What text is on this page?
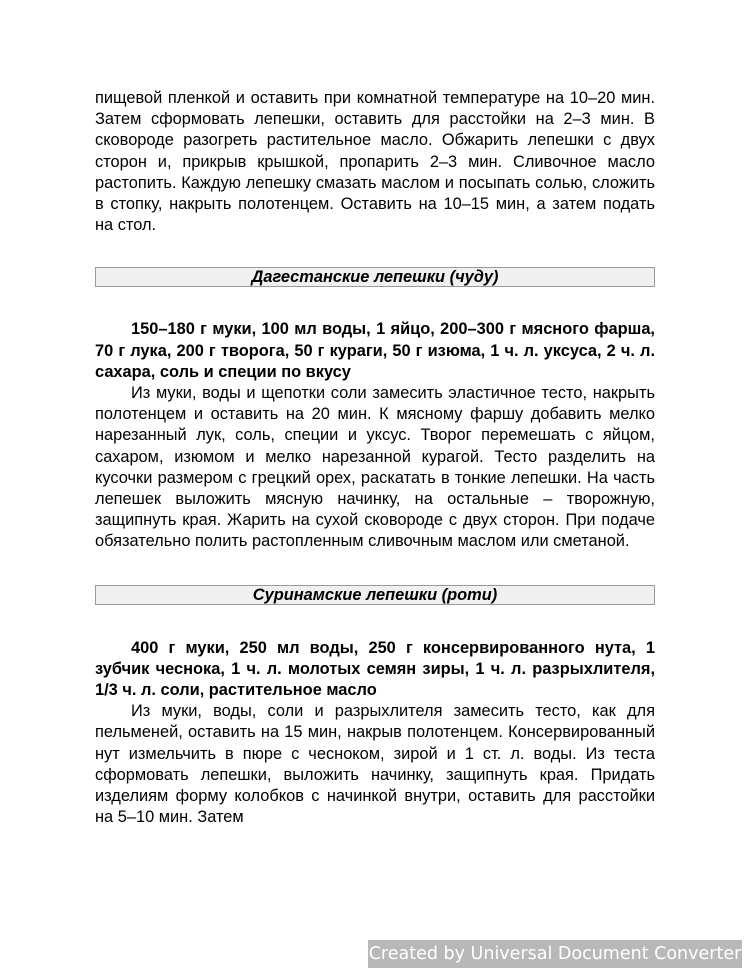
пищевой пленкой и оставить при комнатной температуре на 10–20 мин. Затем сформовать лепешки, оставить для расстойки на 2–3 мин. В сковороде разогреть растительное масло. Обжарить лепешки с двух сторон и, прикрыв крышкой, пропарить 2–3 мин. Сливочное масло растопить. Каждую лепешку смазать маслом и посыпать солью, сложить в стопку, накрыть полотенцем. Оставить на 10–15 мин, а затем подать на стол.

Дагестанские лепешки (чуду)

150–180 г муки, 100 мл воды, 1 яйцо, 200–300 г мясного фарша, 70 г лука, 200 г творога, 50 г кураги, 50 г изюма, 1 ч. л. уксуса, 2 ч. л. сахара, соль и специи по вкусу

Из муки, воды и щепотки соли замесить эластичное тесто, накрыть полотенцем и оставить на 20 мин. К мясному фаршу добавить мелко нарезанный лук, соль, специи и уксус. Творог перемешать с яйцом, сахаром, изюмом и мелко нарезанной курагой. Тесто разделить на кусочки размером с грецкий орех, раскатать в тонкие лепешки. На часть лепешек выложить мясную начинку, на остальные – творожную, защипнуть края. Жарить на сухой сковороде с двух сторон. При подаче обязательно полить растопленным сливочным маслом или сметаной.

Суринамские лепешки (роти)

400 г муки, 250 мл воды, 250 г консервированного нута, 1 зубчик чеснока, 1 ч. л. молотых семян зиры, 1 ч. л. разрыхлителя, 1/3 ч. л. соли, растительное масло

Из муки, воды, соли и разрыхлителя замесить тесто, как для пельменей, оставить на 15 мин, накрыв полотенцем. Консервированный нут измельчить в пюре с чесноком, зирой и 1 ст. л. воды. Из теста сформовать лепешки, выложить начинку, защипнуть края. Придать изделиям форму колобков с начинкой внутри, оставить для расстойки на 5–10 мин. Затем

Created by Universal Document Converter
